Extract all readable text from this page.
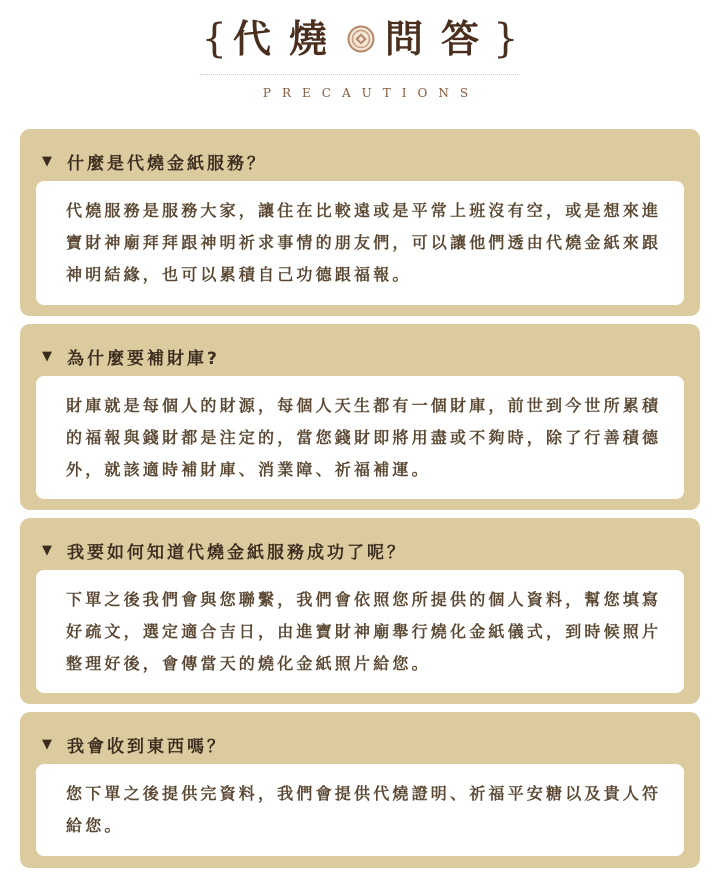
{ 代燒 問答
}
PRECAUTIONS
▼ 什麼是代燒金紙服務？
代燒服務是服務大家，讓住在比較遠或是平常上班沒有空，或是想來進寶財神廟拜拜跟神明祈求事情的朋友們，可以讓他們透由代燒金紙來跟神明結緣，也可以累積自己功德跟福報。
▼ 為什麼要補財庫?
財庫就是每個人的財源，每個人天生都有一個財庫，前世到今世所累積的福報與錢財都是注定的，當您錢財即將用盡或不夠時，除了行善積德外，就該適時補財庫、消業障、祈福補運。
▼ 我要如何知道代燒金紙服務成功了呢？
下單之後我們會與您聯繫，我們會依照您所提供的個人資料，幫您填寫好疏文，選定適合吉日，由進寶財神廟舉行燒化金紙儀式，到時候照片整理好後，會傳當天的燒化金紙照片給您。
▼ 我會收到東西嗎？
您下單之後提供完資料，我們會提供代燒證明、祈福平安糖以及貴人符給您。
